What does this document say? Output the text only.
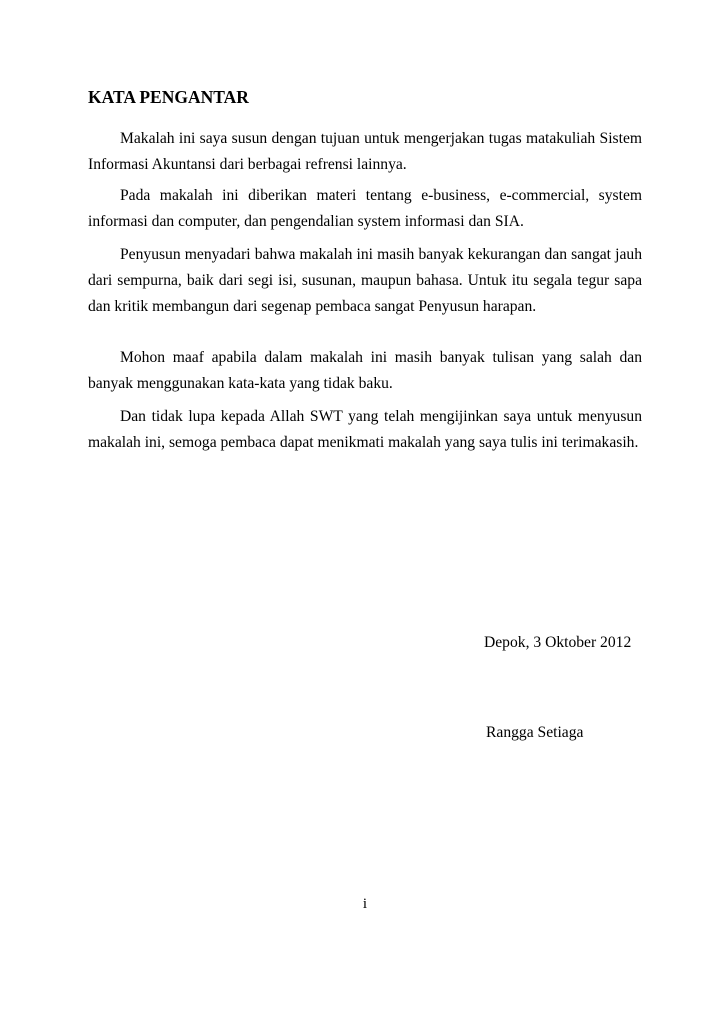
KATA PENGANTAR

Makalah ini saya susun dengan tujuan untuk mengerjakan tugas matakuliah Sistem Informasi Akuntansi dari berbagai refrensi lainnya.

Pada makalah ini diberikan materi tentang e-business, e-commercial, system informasi dan computer, dan pengendalian system informasi dan SIA.

Penyusun menyadari bahwa makalah ini masih banyak kekurangan dan sangat jauh dari sempurna, baik dari segi isi, susunan, maupun bahasa. Untuk itu segala tegur sapa dan kritik membangun dari segenap pembaca sangat Penyusun harapan.

Mohon maaf apabila dalam makalah ini masih banyak tulisan yang salah dan banyak menggunakan kata-kata yang tidak baku.

Dan tidak lupa kepada Allah SWT yang telah mengijinkan saya untuk menyusun makalah ini, semoga pembaca dapat menikmati makalah yang saya tulis ini terimakasih.

Depok, 3 Oktober 2012
Rangga Setiaga
i
